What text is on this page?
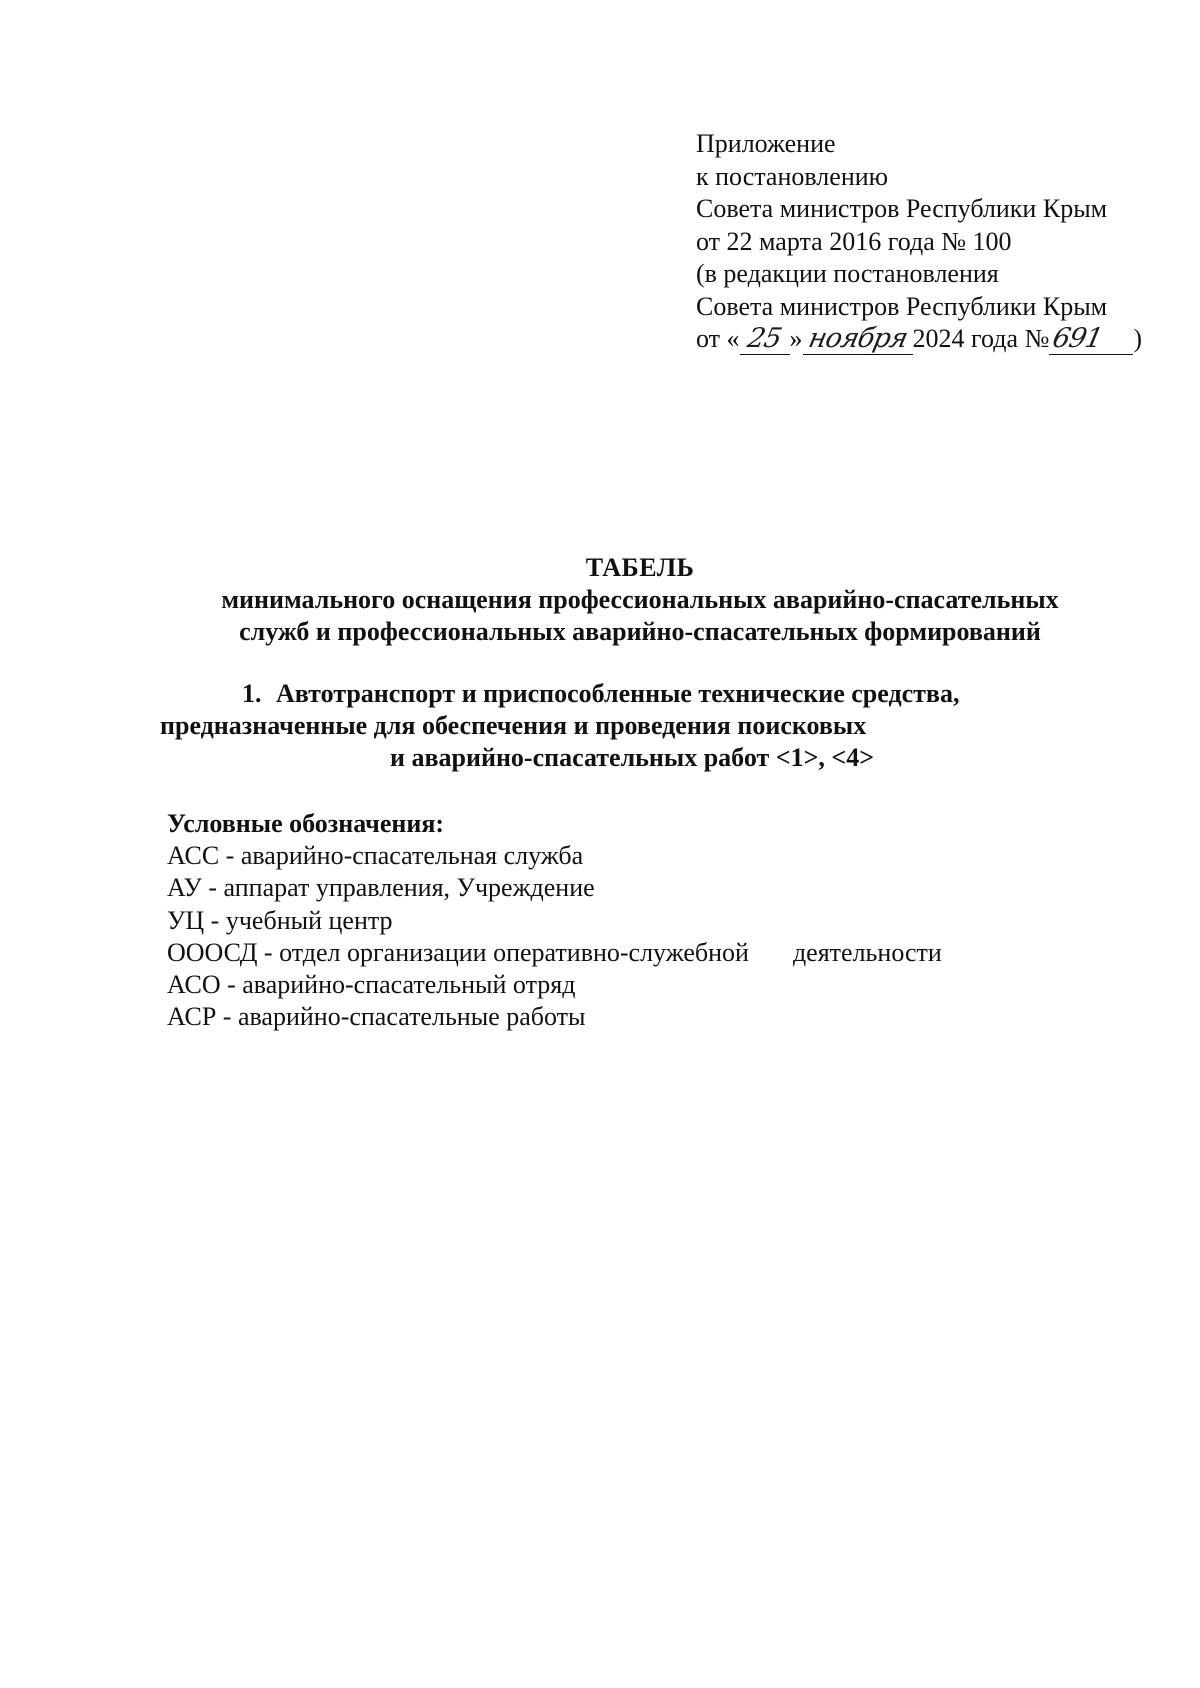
Приложение
к постановлению
Совета министров Республики Крым
от 22 марта 2016 года № 100
(в редакции постановления
Совета министров Республики Крым
от « 25 » ноября 2024 года №691 )
ТАБЕЛЬ
минимального оснащения профессиональных аварийно-спасательных
служб и профессиональных аварийно-спасательных формирований
1. Автотранспорт и приспособленные технические средства,
предназначенные для обеспечения и проведения поисковых
и аварийно-спасательных работ <1>, <4>
Условные обозначения:
АСС - аварийно-спасательная служба
АУ - аппарат управления, Учреждение
УЦ - учебный центр
ОООСД - отдел организации оперативно-служебной деятельности
АСО - аварийно-спасательный отряд
АСР - аварийно-спасательные работы
